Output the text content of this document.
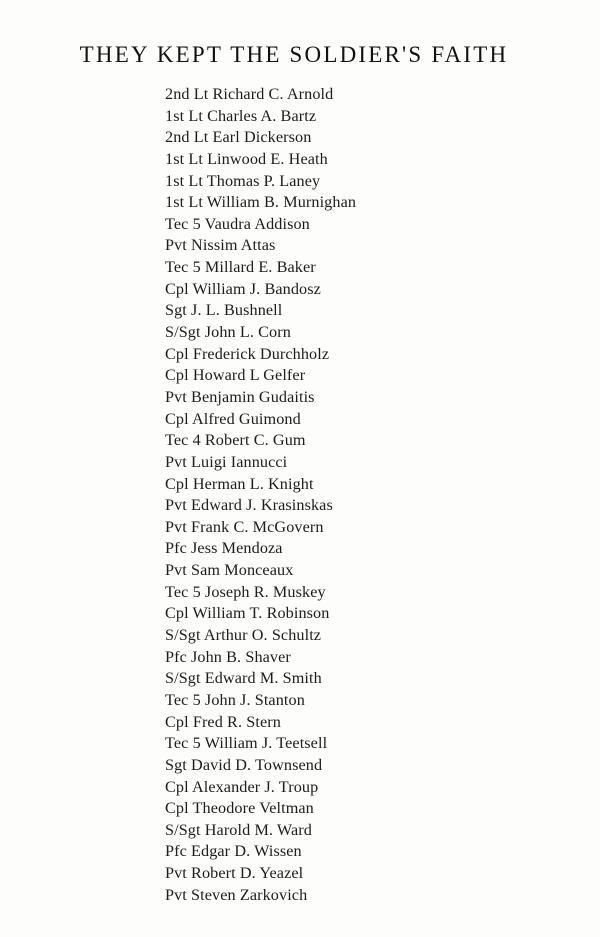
THEY KEPT THE SOLDIER'S FAITH
2nd Lt Richard C. Arnold
1st Lt Charles A. Bartz
2nd Lt Earl Dickerson
1st Lt Linwood E. Heath
1st Lt Thomas P. Laney
1st Lt William B. Murnighan
Tec 5 Vaudra Addison
Pvt Nissim Attas
Tec 5 Millard E. Baker
Cpl William J. Bandosz
Sgt J. L. Bushnell
S/Sgt John L. Corn
Cpl Frederick Durchholz
Cpl Howard L Gelfer
Pvt Benjamin Gudaitis
Cpl Alfred Guimond
Tec 4 Robert C. Gum
Pvt Luigi Iannucci
Cpl Herman L. Knight
Pvt Edward J. Krasinskas
Pvt Frank C. McGovern
Pfc Jess Mendoza
Pvt Sam Monceaux
Tec 5 Joseph R. Muskey
Cpl William T. Robinson
S/Sgt Arthur O. Schultz
Pfc John B. Shaver
S/Sgt Edward M. Smith
Tec 5 John J. Stanton
Cpl Fred R. Stern
Tec 5 William J. Teetsell
Sgt David D. Townsend
Cpl Alexander J. Troup
Cpl Theodore Veltman
S/Sgt Harold M. Ward
Pfc Edgar D. Wissen
Pvt Robert D. Yeazel
Pvt Steven Zarkovich
